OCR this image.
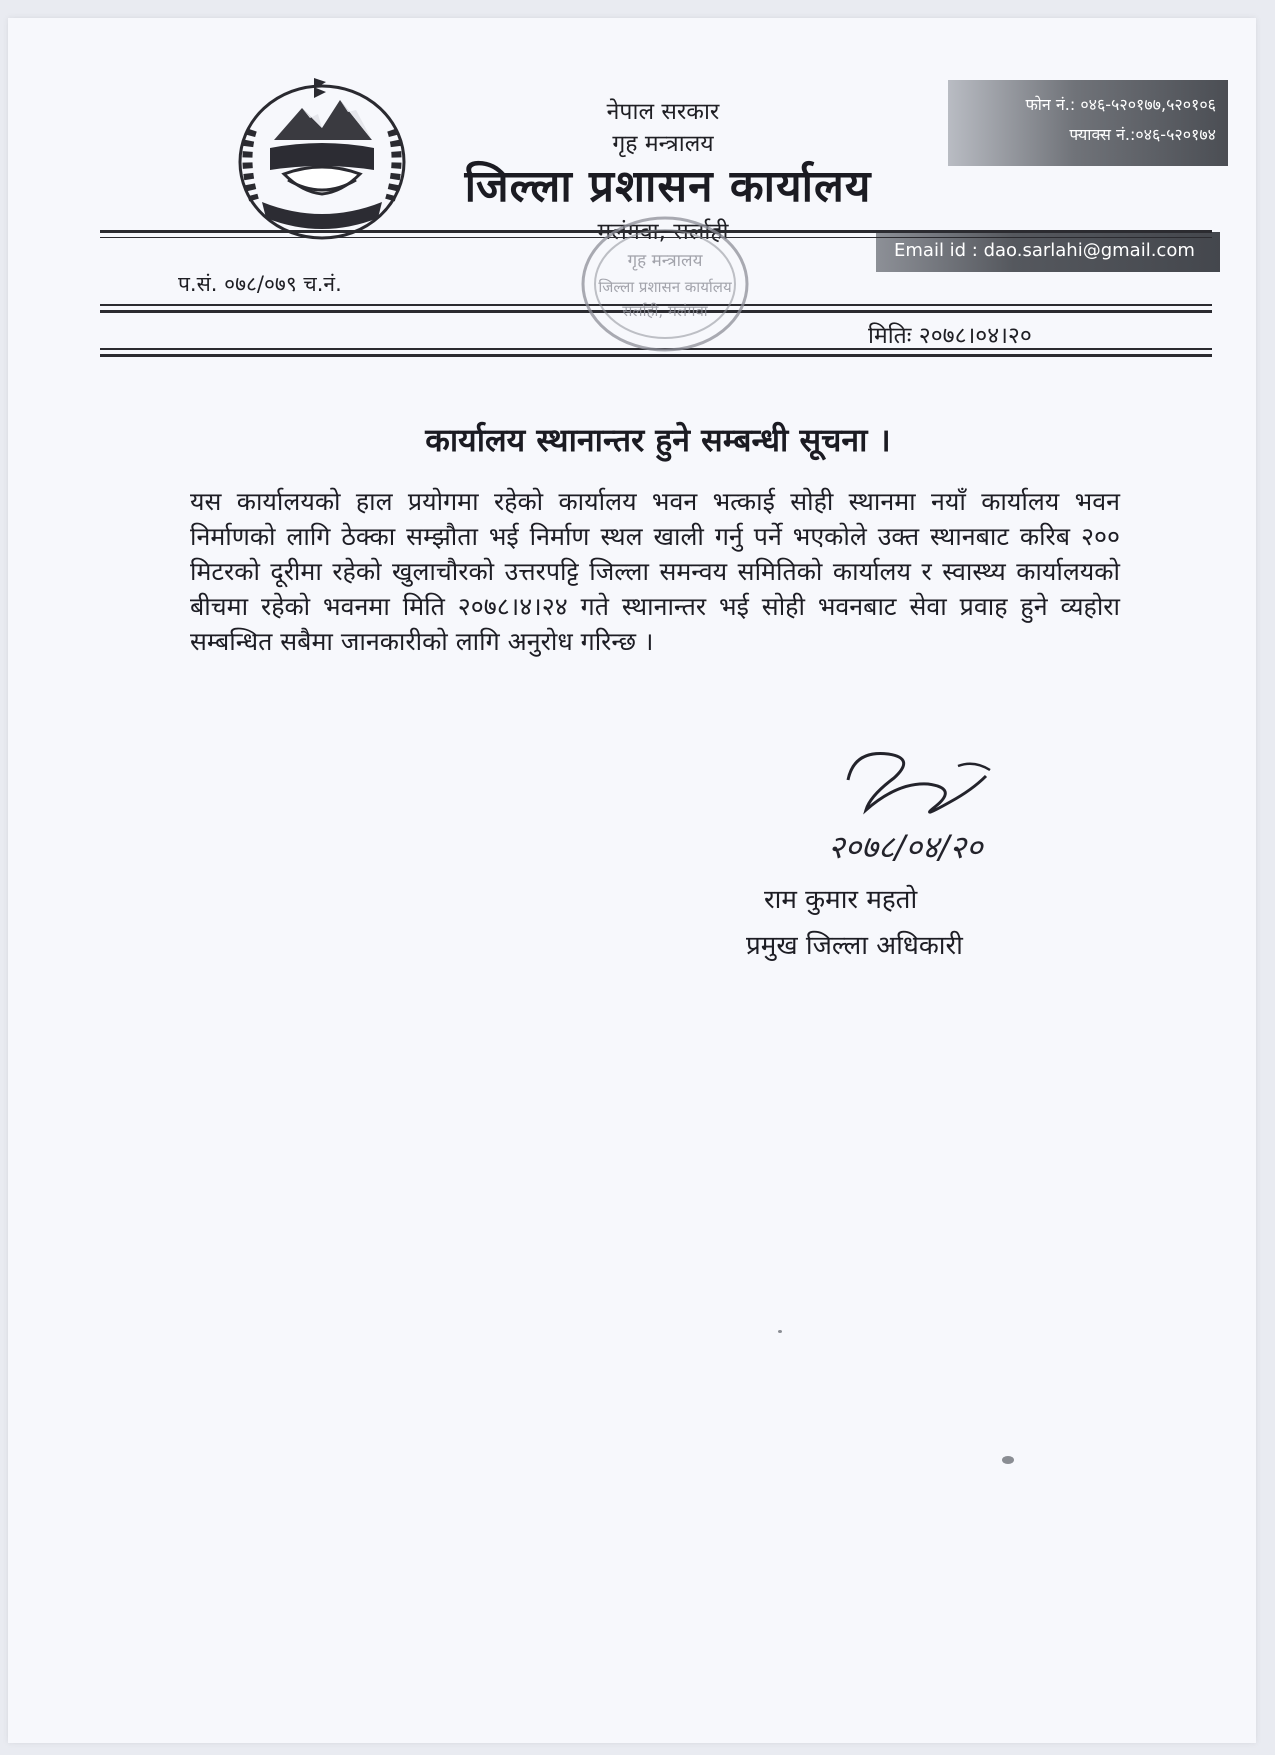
नेपाल सरकार
गृह मन्त्रालय
जिल्ला प्रशासन कार्यालय
मलंगवा, सर्लाही
फोन नं.: ०४६-५२०१७७,५२०१०६
फ्याक्स नं.:०४६-५२०१७४
Email id : dao.sarlahi@gmail.com
प.सं. ०७८/०७९ च.नं.
मितिः २०७८।०४।२०
गृह मन्त्रालय
जिल्ला प्रशासन कार्यालय
सर्लाही, मलंगवा
कार्यालय स्थानान्तर हुने सम्बन्धी सूचना ।
यस कार्यालयको हाल प्रयोगमा रहेको कार्यालय भवन भत्काई सोही स्थानमा नयाँ कार्यालय भवन निर्माणको लागि ठेक्का सम्झौता भई निर्माण स्थल खाली गर्नु पर्ने भएकोले उक्त स्थानबाट करिब २०० मिटरको दूरीमा रहेको खुलाचौरको उत्तरपट्टि जिल्ला समन्वय समितिको कार्यालय र स्वास्थ्य कार्यालयको बीचमा रहेको भवनमा मिति २०७८।४।२४ गते स्थानान्तर भई सोही भवनबाट सेवा प्रवाह हुने व्यहोरा सम्बन्धित सबैमा जानकारीको लागि अनुरोध गरिन्छ ।
२०७८/०४/२०
राम कुमार महतो
प्रमुख जिल्ला अधिकारी
